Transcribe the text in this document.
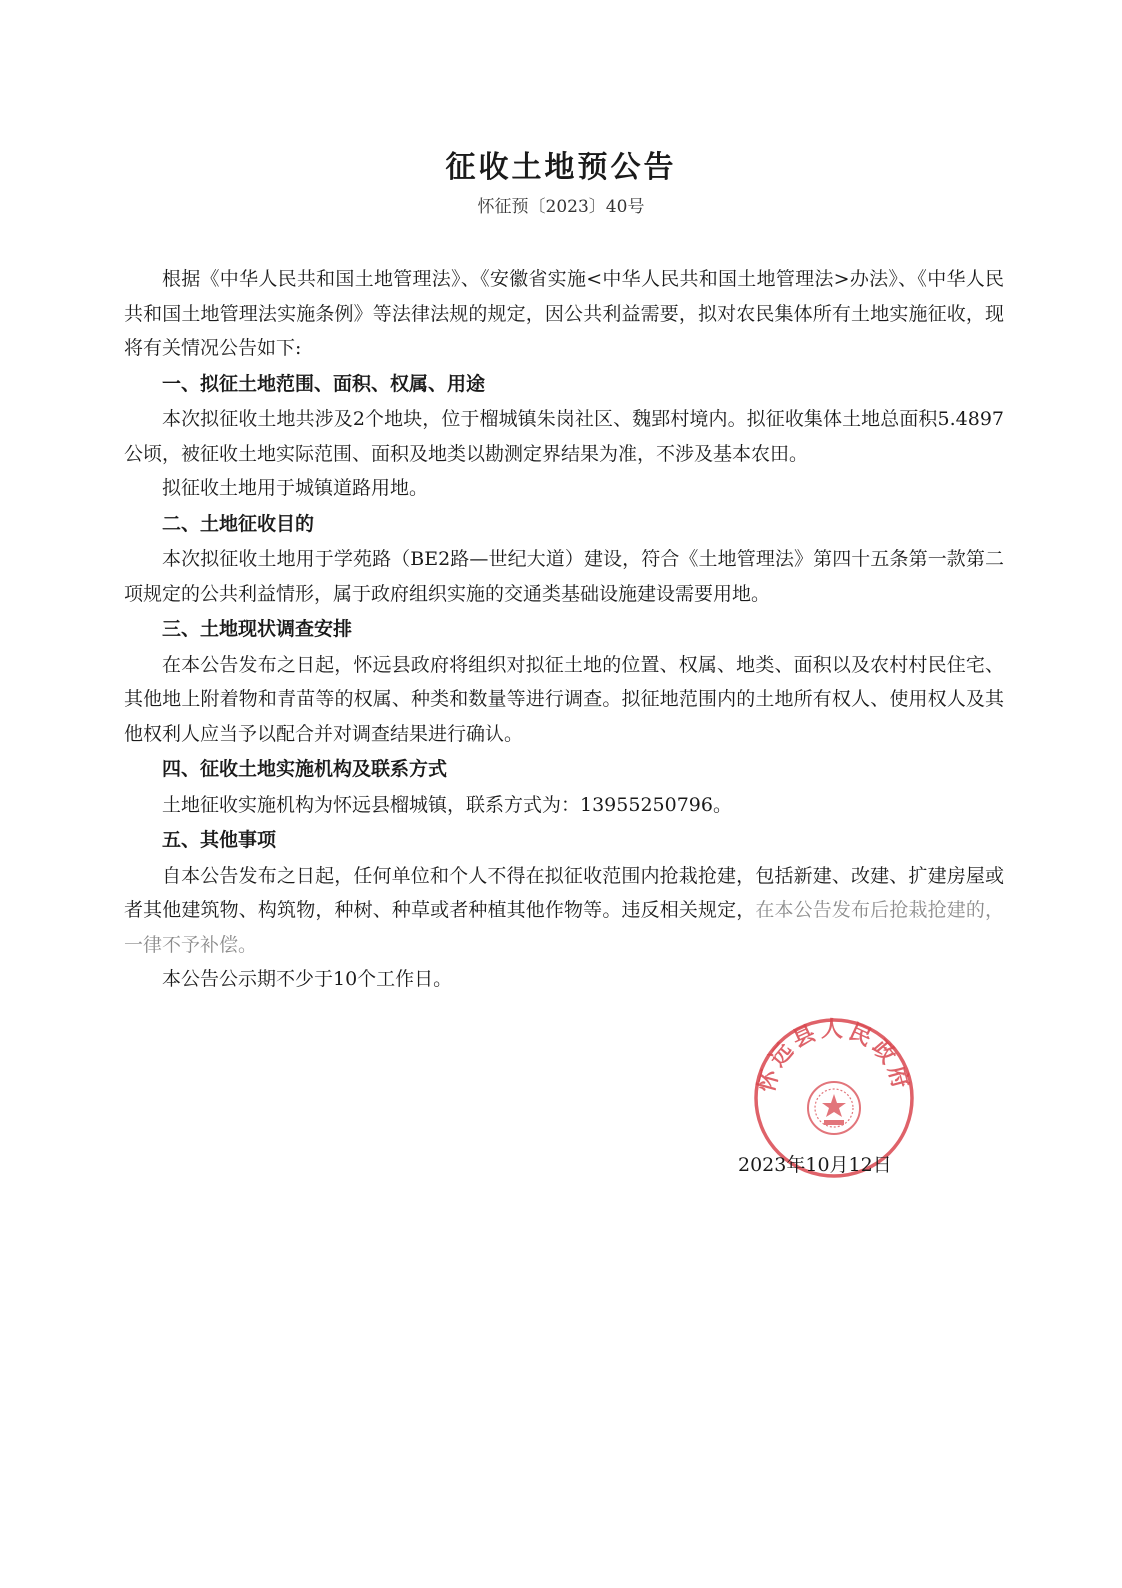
征收土地预公告
怀征预〔2023〕40号

根据《中华人民共和国土地管理法》、《安徽省实施<中华人民共和国土地管理法>办法》、《中华人民共和国土地管理法实施条例》等法律法规的规定，因公共利益需要，拟对农民集体所有土地实施征收，现将有关情况公告如下:

一、拟征土地范围、面积、权属、用途

本次拟征收土地共涉及2个地块，位于榴城镇朱岗社区、魏郢村境内。拟征收集体土地总面积5.4897公顷，被征收土地实际范围、面积及地类以勘测定界结果为准，不涉及基本农田。

拟征收土地用于城镇道路用地。

二、土地征收目的

本次拟征收土地用于学苑路（BE2路—世纪大道）建设，符合《土地管理法》第四十五条第一款第二项规定的公共利益情形，属于政府组织实施的交通类基础设施建设需要用地。

三、土地现状调查安排

在本公告发布之日起，怀远县政府将组织对拟征土地的位置、权属、地类、面积以及农村村民住宅、其他地上附着物和青苗等的权属、种类和数量等进行调查。拟征地范围内的土地所有权人、使用权人及其他权利人应当予以配合并对调查结果进行确认。

四、征收土地实施机构及联系方式

土地征收实施机构为怀远县榴城镇，联系方式为：13955250796。

五、其他事项

自本公告发布之日起，任何单位和个人不得在拟征收范围内抢栽抢建，包括新建、改建、扩建房屋或者其他建筑物、构筑物，种树、种草或者种植其他作物等。违反相关规定，在本公告发布后抢栽抢建的，一律不予补偿。

本公告公示期不少于10个工作日。

怀远县人民政府
2023年10月12日
